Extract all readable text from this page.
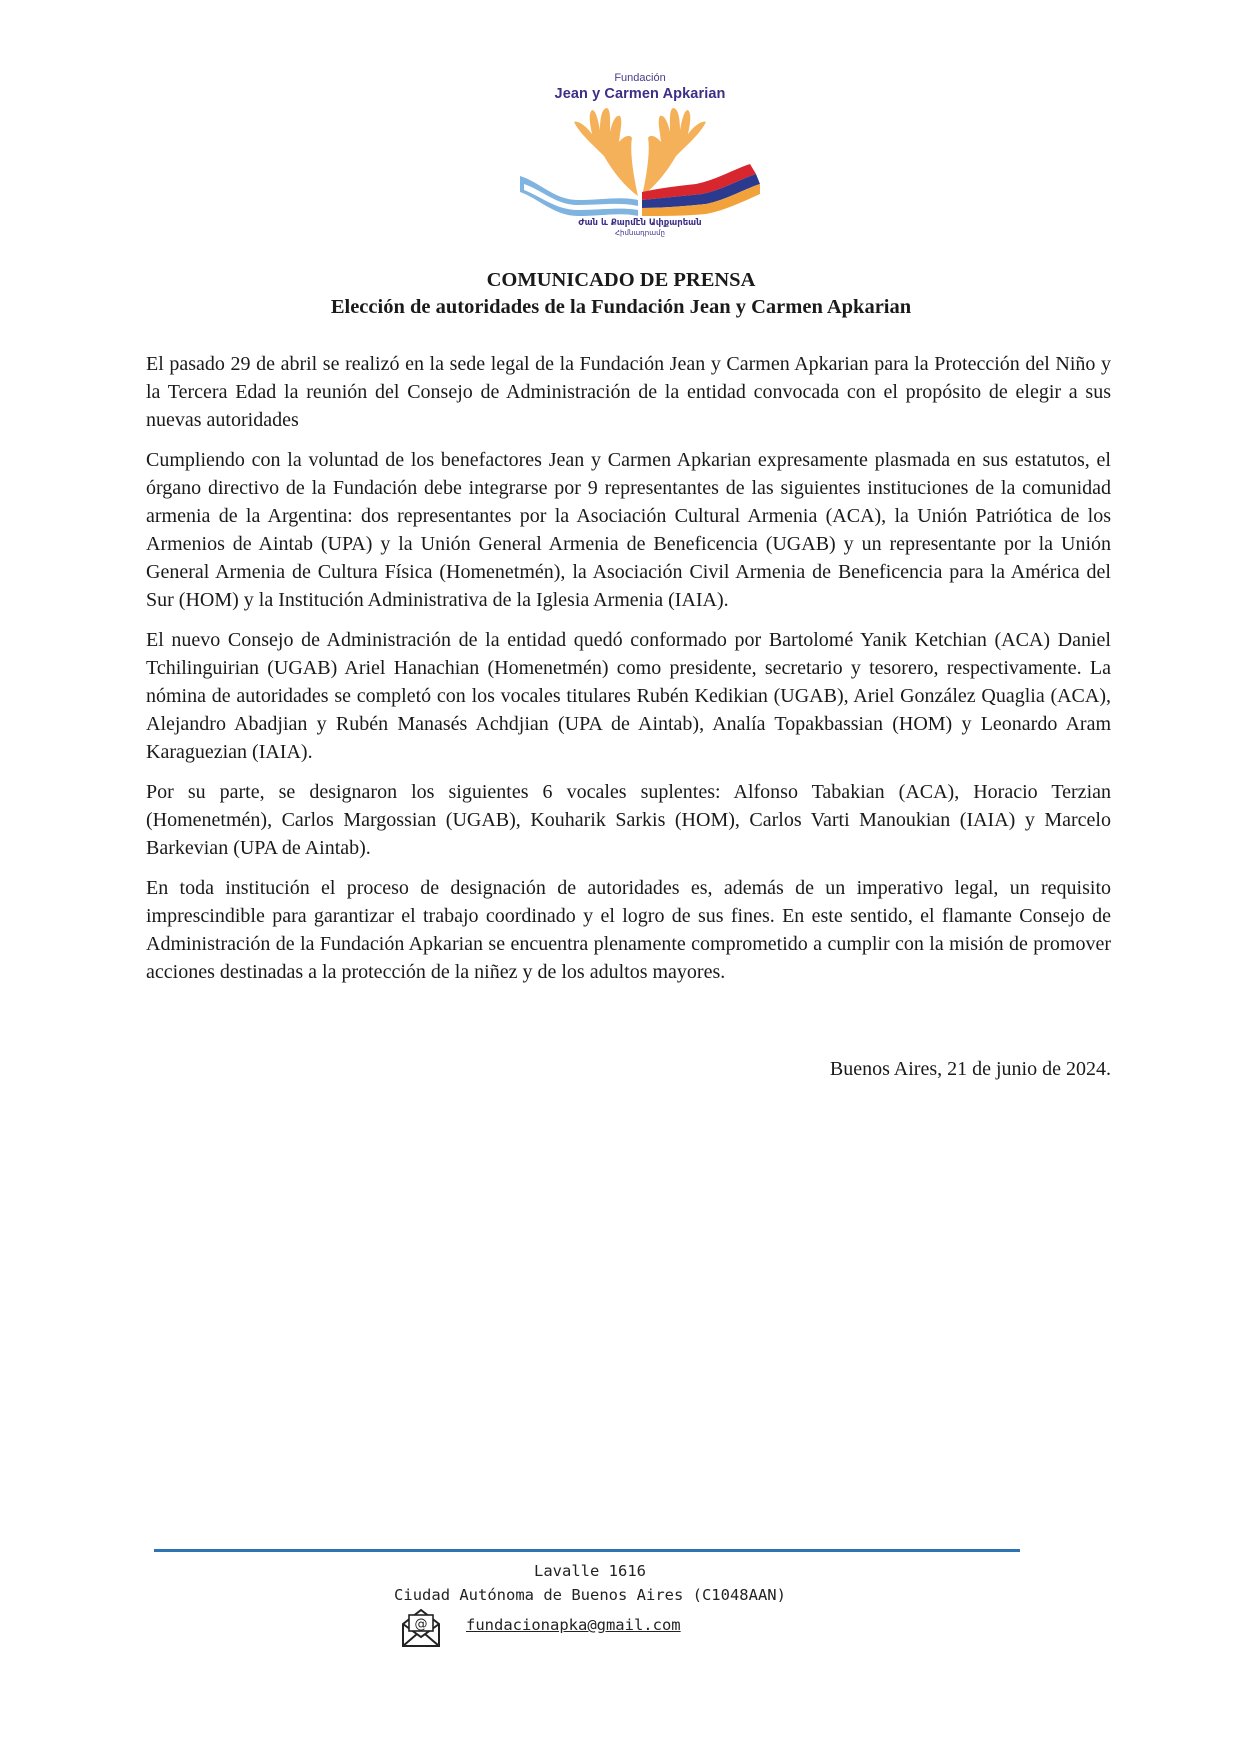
Fundación
Jean y Carmen Apkarian
Ժան և Քարմէն Ափքարեան
Հիմնադրամը
COMUNICADO DE PRENSA
Elección de autoridades de la Fundación Jean y Carmen Apkarian

El pasado 29 de abril se realizó en la sede legal de la Fundación Jean y Carmen Apkarian para la Protección del Niño y la Tercera Edad la reunión del Consejo de Administración de la entidad convocada con el propósito de elegir a sus nuevas autoridades

Cumpliendo con la voluntad de los benefactores Jean y Carmen Apkarian expresamente plasmada en sus estatutos, el órgano directivo de la Fundación debe integrarse por 9 representantes de las siguientes instituciones de la comunidad armenia de la Argentina: dos representantes por la Asociación Cultural Armenia (ACA), la Unión Patriótica de los Armenios de Aintab (UPA) y la Unión General Armenia de Beneficencia (UGAB) y un representante por la Unión General Armenia de Cultura Física (Homenetmén), la Asociación Civil Armenia de Beneficencia para la América del Sur (HOM) y la Institución Administrativa de la Iglesia Armenia (IAIA).

El nuevo Consejo de Administración de la entidad quedó conformado por Bartolomé Yanik Ketchian (ACA) Daniel Tchilinguirian (UGAB) Ariel Hanachian (Homenetmén) como presidente, secretario y tesorero, respectivamente. La nómina de autoridades se completó con los vocales titulares Rubén Kedikian (UGAB), Ariel González Quaglia (ACA), Alejandro Abadjian y Rubén Manasés Achdjian (UPA de Aintab), Analía Topakbassian (HOM) y Leonardo Aram Karaguezian (IAIA).

Por su parte, se designaron los siguientes 6 vocales suplentes: Alfonso Tabakian (ACA), Horacio Terzian (Homenetmén), Carlos Margossian (UGAB), Kouharik Sarkis (HOM), Carlos Varti Manoukian (IAIA) y Marcelo Barkevian (UPA de Aintab).

En toda institución el proceso de designación de autoridades es, además de un imperativo legal, un requisito imprescindible para garantizar el trabajo coordinado y el logro de sus fines. En este sentido, el flamante Consejo de Administración de la Fundación Apkarian se encuentra plenamente comprometido a cumplir con la misión de promover acciones destinadas a la protección de la niñez y de los adultos mayores.

Buenos Aires, 21 de junio de 2024.
Lavalle 1616
Ciudad Autónoma de Buenos Aires (C1048AAN)
@ fundacionapka@gmail.com
